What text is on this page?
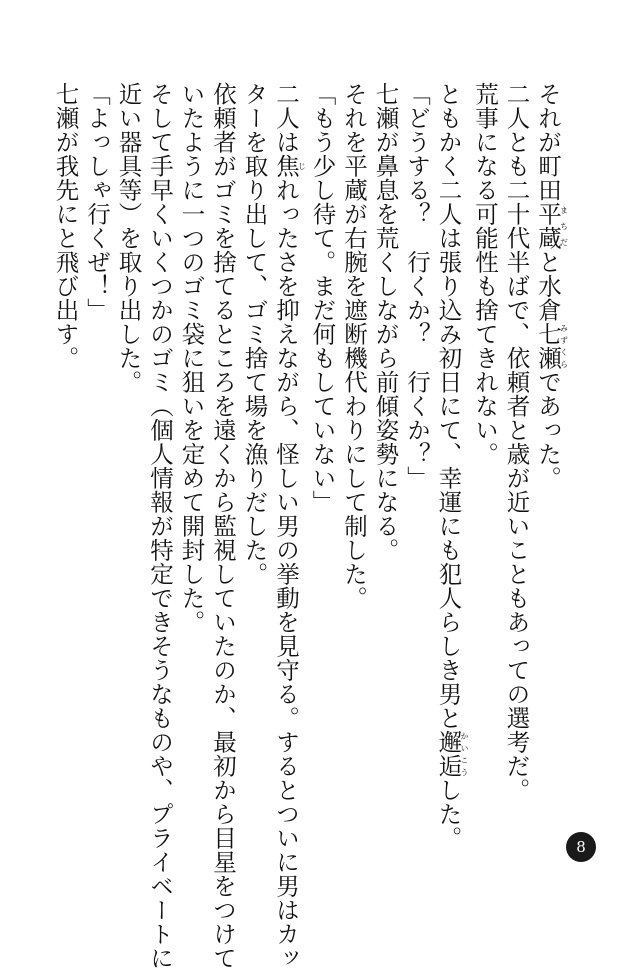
それが町田平蔵まちだと水倉七瀬みずくらであった。
二人とも二十代半ばで、依頼者と歳が近いこともあっての選考だ。
荒事になる可能性も捨てきれない。
ともかく二人は張り込み初日にて、幸運にも犯人らしき男と邂逅かいこうした。
「どうする？　行くか？　行くか？」
七瀬が鼻息を荒くしながら前傾姿勢になる。
それを平蔵が右腕を遮断機代わりにして制した。
「もう少し待て。まだ何もしていない」
二人は焦じれったさを抑えながら、怪しい男の挙動を見守る。するとついに男はカッ
ターを取り出して、ゴミ捨て場を漁りだした。
依頼者がゴミを捨てるところを遠くから監視していたのか、最初から目星をつけて
いたように一つのゴミ袋に狙いを定めて開封した。
そして手早くいくつかのゴミ（個人情報が特定できそうなものや、プライベートに
近い器具等）を取り出した。
「よっしゃ行くぜ！」
七瀬が我先にと飛び出す。
8
